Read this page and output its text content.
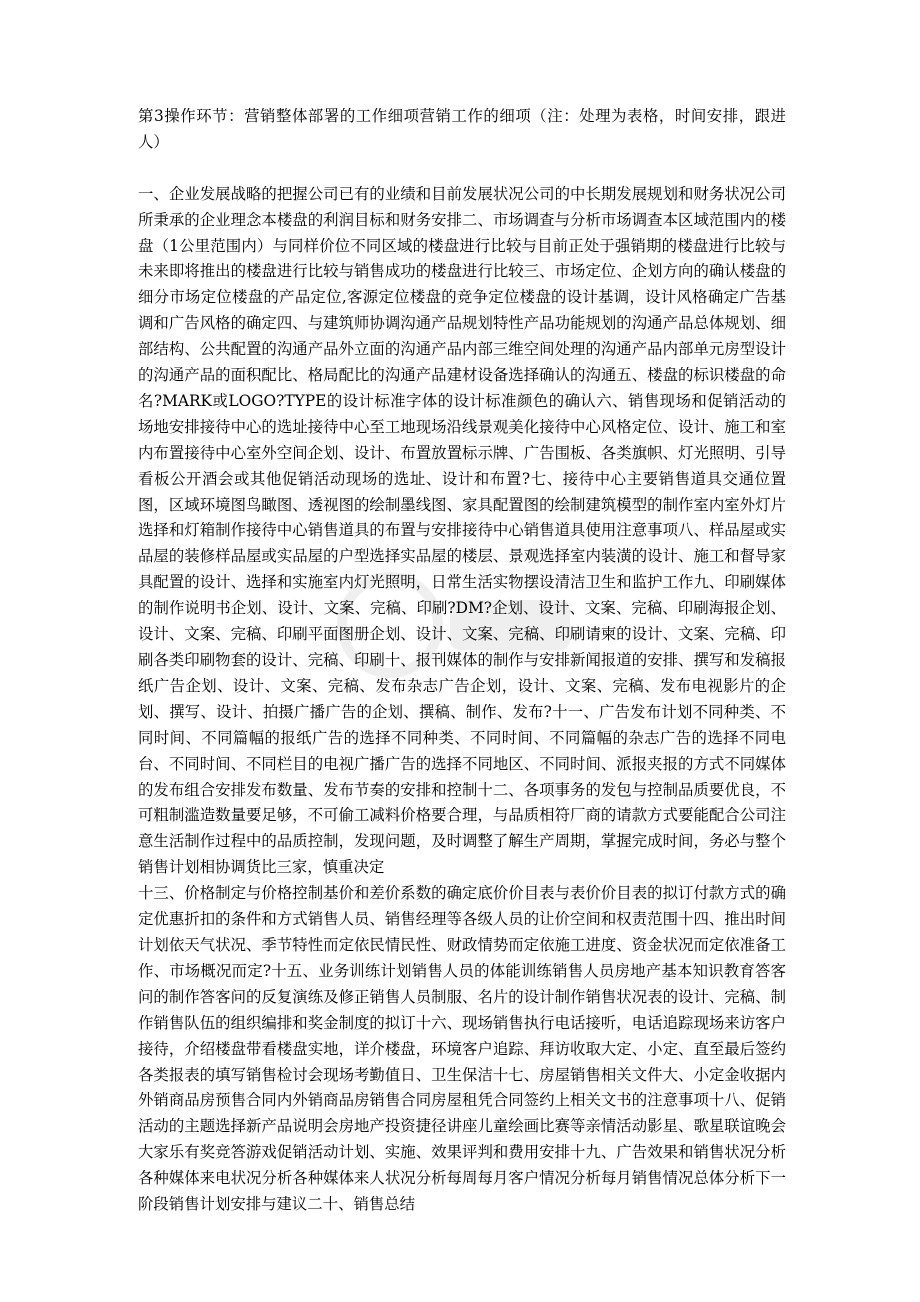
第3操作环节：营销整体部署的工作细项营销工作的细项（注：处理为表格，时间安排，跟进人）

一、企业发展战略的把握公司已有的业绩和目前发展状况公司的中长期发展规划和财务状况公司所秉承的企业理念本楼盘的利润目标和财务安排二、市场调查与分析市场调查本区域范围内的楼盘（1公里范围内）与同样价位不同区域的楼盘进行比较与目前正处于强销期的楼盘进行比较与未来即将推出的楼盘进行比较与销售成功的楼盘进行比较三、市场定位、企划方向的确认楼盘的细分市场定位楼盘的产品定位,客源定位楼盘的竞争定位楼盘的设计基调，设计风格确定广告基调和广告风格的确定四、与建筑师协调沟通产品规划特性产品功能规划的沟通产品总体规划、细部结构、公共配置的沟通产品外立面的沟通产品内部三维空间处理的沟通产品内部单元房型设计的沟通产品的面积配比、格局配比的沟通产品建材设备选择确认的沟通五、楼盘的标识楼盘的命名?MARK或LOGO?TYPE的设计标准字体的设计标准颜色的确认六、销售现场和促销活动的场地安排接待中心的选址接待中心至工地现场沿线景观美化接待中心风格定位、设计、施工和室内布置接待中心室外空间企划、设计、布置放置标示牌、广告围板、各类旗帜、灯光照明、引导看板公开酒会或其他促销活动现场的选址、设计和布置?七、接待中心主要销售道具交通位置图，区域环境图鸟瞰图、透视图的绘制墨线图、家具配置图的绘制建筑模型的制作室内室外灯片选择和灯箱制作接待中心销售道具的布置与安排接待中心销售道具使用注意事项八、样品屋或实品屋的装修样品屋或实品屋的户型选择实品屋的楼层、景观选择室内装潢的设计、施工和督导家具配置的设计、选择和实施室内灯光照明，日常生活实物摆设清洁卫生和监护工作九、印刷媒体的制作说明书企划、设计、文案、完稿、印刷?DM?企划、设计、文案、完稿、印刷海报企划、设计、文案、完稿、印刷平面图册企划、设计、文案、完稿、印刷请柬的设计、文案、完稿、印刷各类印刷物套的设计、完稿、印刷十、报刊媒体的制作与安排新闻报道的安排、撰写和发稿报纸广告企划、设计、文案、完稿、发布杂志广告企划，设计、文案、完稿、发布电视影片的企划、撰写、设计、拍摄广播广告的企划、撰稿、制作、发布?十一、广告发布计划不同种类、不同时间、不同篇幅的报纸广告的选择不同种类、不同时间、不同篇幅的杂志广告的选择不同电台、不同时间、不同栏目的电视广播广告的选择不同地区、不同时间、派报夹报的方式不同媒体的发布组合安排发布数量、发布节奏的安排和控制十二、各项事务的发包与控制品质要优良，不可粗制滥造数量要足够，不可偷工减料价格要合理，与品质相符厂商的请款方式要能配合公司注意生活制作过程中的品质控制，发现问题，及时调整了解生产周期，掌握完成时间，务必与整个销售计划相协调货比三家，慎重决定

十三、价格制定与价格控制基价和差价系数的确定底价价目表与表价价目表的拟订付款方式的确定优惠折扣的条件和方式销售人员、销售经理等各级人员的让价空间和权责范围十四、推出时间计划依天气状况、季节特性而定依民情民性、财政情势而定依施工进度、资金状况而定依准备工作、市场概况而定?十五、业务训练计划销售人员的体能训练销售人员房地产基本知识教育答客问的制作答客问的反复演练及修正销售人员制服、名片的设计制作销售状况表的设计、完稿、制作销售队伍的组织编排和奖金制度的拟订十六、现场销售执行电话接听，电话追踪现场来访客户接待，介绍楼盘带看楼盘实地，详介楼盘，环境客户追踪、拜访收取大定、小定、直至最后签约各类报表的填写销售检讨会现场考勤值日、卫生保洁十七、房屋销售相关文件大、小定金收据内外销商品房预售合同内外销商品房销售合同房屋租凭合同签约上相关文书的注意事项十八、促销活动的主题选择新产品说明会房地产投资捷径讲座儿童绘画比赛等亲情活动影星、歌星联谊晚会大家乐有奖竞答游戏促销活动计划、实施、效果评判和费用安排十九、广告效果和销售状况分析各种媒体来电状况分析各种媒体来人状况分析每周每月客户情况分析每月销售情况总体分析下一阶段销售计划安排与建议二十、销售总结
